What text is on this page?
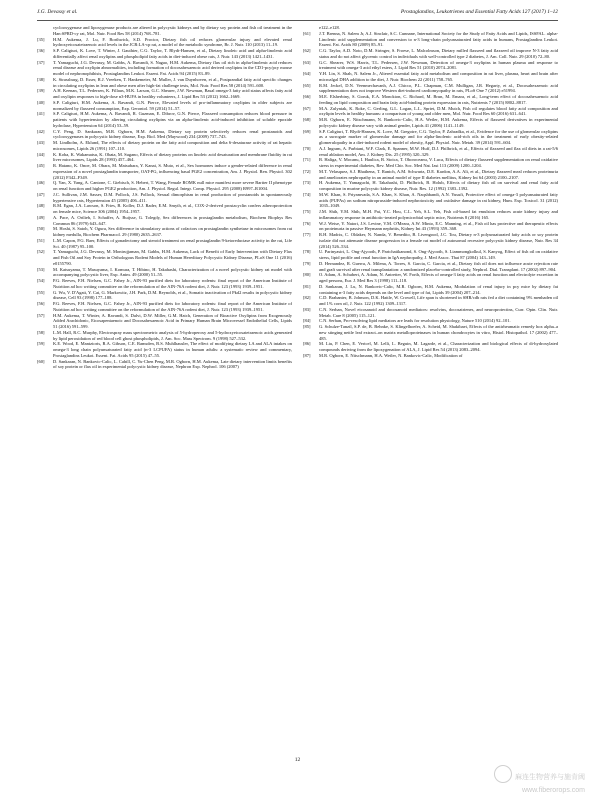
J.G. Devassy et al.	Prostaglandins, Leukotrienes and Essential Fatty Acids 127 (2017) 1–12
cyclooxygenase and lipoxygenase products are altered in polycystic kidneys and by dietary soy protein and fish oil treatment in the Han:SPRD-cy rat, Mol. Nutr. Food Res 58 (2014) 768–781.
[35] H.M. Aukema, J. Lu, F. Borthwick, S.D. Proctor, Dietary fish oil reduces glomerular injury and elevated renal hydroxyeicosatetraenoic acid levels in the JCR:LA-cp rat, a model of the metabolic syndrome, Br. J. Nutr. 110 (2013) 11–19.
[36] S.P. Caligiuri, K. Love, T. Winter, J. Gauthier, C.G. Taylor, T. Blydt-Hansen, et al., Dietary linoleic acid and alpha-linolenic acid differentially affect renal oxylipins and phospholipid fatty acids in diet-induced obese rats, J. Nutr. 143 (2013) 1421–1431.
[37] T. Yamaguchi, J.G. Devassy, M. Gabbs, A. Ravandi, S. Nagao, H.M. Aukema, Dietary flax oil rich in alpha-linolenic acid reduces renal disease and oxylipin abnormalities, including formation of docosahexaenoic acid derived oxylipins in the CD1-pcy/pcy mouse model of nephronophthisis, Prostaglandins Leukot. Essent. Fat. Acids 94 (2015) 83–89.
[38] K. Strassburg, D. Esser, R.J. Vreeken, T. Hankemeier, M. Muller, J. van Duynhoven, et al., Postprandial fatty acid specific changes in circulating oxylipins in lean and obese men after high-fat challenge tests, Mol. Nutr. Food Res 58 (2014) 591–600.
[39] A.H. Keenan, T.L. Pedersen, K. Fillaus, M.K. Larson, G.C. Shearer, J.W. Newman, Basal omega-3 fatty acid status affects fatty acid and oxylipin responses to high-dose n3-HUFA in healthy volunteers, J. Lipid Res 53 (2012) 1662–1669.
[40] S.P. Caligiuri, H.M. Aukema, A. Ravandi, G.N. Pierce, Elevated levels of pro-inflammatory oxylipins in older subjects are normalized by flaxseed consumption, Exp. Gerontol. 59 (2014) 51–57.
[41] S.P. Caligiuri, H.M. Aukema, A. Ravandi, R. Guzman, E. Dibrov, G.N. Pierce, Flaxseed consumption reduces blood pressure in patients with hypertension by altering circulating oxylipins via an alpha-linolenic acid-induced inhibition of soluble epoxide hydrolase, Hypertension 64 (2014) 53–59.
[42] C.Y. Peng, D. Sankaran, M.R. Ogborn, H.M. Aukema, Dietary soy protein selectively reduces renal prostanoids and cyclooxygenases in polycystic kidney disease, Exp. Biol. Med (Maywood) 234 (2009) 737–743.
[43] M. Lindholm, A. Eklund, The effects of dietary protein on the fatty acid composition and delta 6-desaturase activity of rat hepatic microsomes, Lipids 26 (1991) 107–110.
[44] K. Koba, K. Wakamatsu, K. Obata, M. Sugano, Effects of dietary proteins on linoleic acid desaturation and membrane fluidity in rat liver microsomes, Lipids 28 (1993) 457–464.
[45] R. Hatano, K. Onoe, M. Obara, M. Matsubara, Y. Kanai, S. Muto, et al., Sex hormones induce a gender-related difference in renal expression of a novel prostaglandin transporter, OAT-PG, influencing basal PGE2 concentration, Am. J. Physiol. Ren. Physiol. 302 (2012) F342–F349.
[46] Q. Yan, X. Yang, A. Cantone, C. Giebisch, S. Hebert, T. Wang, Female ROMK null mice manifest more severe Bartter II phenotype on renal function and higher PGE2 production, Am. J. Physiol. Regul. Integr. Comp. Physiol. 295 (2008) R997–R1004.
[47] J.C. Sullivan, J.M. Sasser, D.M. Pollock, J.S. Pollock, Sexual dimorphism in renal production of prostanoids in spontaneously hypertensive rats, Hypertension 45 (2005) 406–411.
[48] R.M. Egan, J.A. Lawson, S. Fries, B. Koller, D.J. Rader, E.M. Smyth, et al., COX-2-derived prostacyclin confers atheroprotection on female mice, Science 306 (2004) 1954–1957.
[49] A. Pace, A. Ortlieb, I. Schaffer, A. Buijsse, G. Tolegdy, Sex differences in prostaglandin metabolism, Biochem Biophys Res Commun 86 (1979) 643–647.
[50] M. Hoshi, S. Satoh, Y. Ogura, Sex difference in stimulatory actions of cofactors on prostaglandin synthetase in microsomes from rat kidney medulla, Biochem Pharmacol. 29 (1980) 2635–2637.
[51] L.M. Capon, P.G. Baer, Effects of gonadectomy and steroid treatment on renal prostaglandin 9-ketoreductase activity in the rat, Life Sci. 40 (1987) 95–100.
[52] T. Yamaguchi, J.G. Devassy, M. Monirujjaman, M. Gabbs, H.M. Aukema, Lack of Benefit of Early Intervention with Dietary Flax and Fish Oil and Soy Protein in Orthologous Rodent Models of Human Hereditary Polycystic Kidney Disease, PLoS One 11 (2016) e0155790.
[53] M. Katsuyama, T. Masuyama, I. Komura, T. Hibino, H. Takahashi, Characterization of a novel polycystic kidney rat model with accompanying polycystic liver, Exp. Anim. 49 (2000) 51–55.
[54] P.G. Reeves, F.H. Nielsen, G.C. Fahey Jr., AIN-93 purified diets for laboratory rodents: final report of the American Institute of Nutrition ad hoc writing committee on the reformulation of the AIN-76A rodent diet, J. Nutr. 123 (1993) 1939–1951.
[55] G. Wu, V. D'Agati, Y. Cai, G. Markowitz, J.H. Park, D.M. Reynolds, et al., Somatic inactivation of Pkd2 results in polycystic kidney disease, Cell 93 (1998) 177–188.
[56] P.G. Reeves, F.H. Nielsen, G.C. Fahey Jr., AIN-93 purified diets for laboratory rodents: final report of the American Institute of Nutrition ad hoc writing committee on the reformulation of the AIN-76A rodent diet, J. Nutr. 123 (1993) 1939–1951.
[57] H.M. Aukema, T. Winter, A. Ravandi, S. Dalvi, D.W. Miller, G.M. Hatch, Generation of Bioactive Oxylipins from Exogenously Added Arachidonic, Eicosapentaenoic and Docosahexaenoic Acid in Primary Human Brain Microvessel Endothelial Cells, Lipids 51 (2016) 591–599.
[58] L.M. Hall, R.C. Murphy, Electrospray mass spectrometric analysis of 5-hydroperoxy and 5-hydroxyeicosatetraenoic acids generated by lipid peroxidation of red blood cell ghost phospholipids, J. Am. Soc. Mass Spectrom. 9 (1998) 527–532.
[59] K.E. Wood, E. Mantzioris, R.A. Gibson, C.E. Ramsden, B.S. Muhlhausler, The effect of modifying dietary LA and ALA intakes on omega-3 long chain polyunsaturated fatty acid (n-3 LCPUFA) status in human adults: a systematic review and commentary, Prostaglandins Leukot. Essent. Fat. Acids 95 (2015) 47–55.
[60] D. Sankaran, N. Bankovic-Calic, L. Cahill, C. Yu-Chen Peng, M.R. Ogborn, H.M. Aukema, Late dietary intervention limits benefits of soy protein or flax oil in experimental polycystic kidney disease, Nephron Exp. Nephrol. 106 (2007)
e122–e128.
[61] J.T. Brenna, N. Salem Jr, A.J. Sinclair, S.C. Cunnane, International Society for the Study of Fatty Acids and Lipids, ISSFAL. alpha-Linolenic acid supplementation and conversion to n-3 long-chain polyunsaturated fatty acids in humans, Prostaglandins Leukot. Essent. Fat. Acids 80 (2009) 85–91.
[62] C.G. Taylor, A.D. Noto, D.M. Stringer, S. Froese, L. Malcolmson, Dietary milled flaxseed and flaxseed oil improve N-3 fatty acid status and do not affect glycemic control in individuals with well-controlled type 2 diabetes, J. Am. Coll. Nutr. 29 (2010) 72–80.
[63] G.C. Shearer, W.S. Harris, T.L. Pedersen, J.W. Newman, Detection of omega-3 oxylipins in human plasma and response to treatment with omega-3 acid ethyl esters, J. Lipid Res 51 (2010) 2074–2081.
[64] Y.H. Lin, S. Shah, N. Salem Jr., Altered essential fatty acid metabolism and composition in rat liver, plasma, heart and brain after microalgal DHA addition to the diet, J. Nutr. Biochem 22 (2011) 758–765.
[65] R.M. Jeckel, D.N. Veenmechavanh, A.J. Chicco, P.L. Chapman, C.M. Mulligan, J.R. Hegarty, et al., Docosahexaenoic acid supplementation does not improve Western diet-induced cardiomyopathy in rats, PLoS One 7 (2012) e51994.
[66] M.E. Elsherbiny, S. Goruk, E.A. Monckton, C. Richard, M. Brun, M. Emara, et al., Long-term effect of docosahexaenoic acid feeding on lipid composition and brain fatty acid-binding protein expression in rats, Nutrients 7 (2015) 8802–8817.
[67] M.A. Zulyniak, K. Roke, C. Gerling, G.L. Logan, L.L. Spriet, D.M. Mutch, Fish oil regulates blood fatty acid composition and oxylipin levels in healthy humans: a comparison of young and older men, Mol. Nutr. Food Res 60 (2016) 631–641.
[68] M.R. Ogborn, E. Nitschmann, N. Bankovic-Calic, H.A. Weiler, H.M. Aukema, Effects of flaxseed derivatives in experimental polycystic kidney disease vary with animal gender, Lipids 41 (2006) 1141–1149.
[69] S.P. Caligiuri, T. Blydt-Hansen, K. Love, M. Gregoire, C.G. Taylor, P. Zahradka, et al., Evidence for the use of glomerular oxylipins as a surrogate marker of glomerular damage and for alpha-linolenic acid-rich oils in the treatment of early obesity-related glomerulopathy in a diet-induced rodent model of obesity, Appl. Physiol. Nutr. Metab. 39 (2014) 591–604.
[70] A.J. Ingram, A. Parbtani, W.F. Clark, E. Spanner, M.W. Huff, D.J. Philbrick, et al., Effects of flaxseed and flax oil diets in a rat-5/6 renal ablation model, Am. J. Kidney Dis. 25 (1995) 320–329.
[71] B. Haliga, V. Mocanu, I. Haulica, B. Stoica, T. Oboroceanu, V. Luca, Effects of dietary flaxseed supplementation on renal oxidative stress in experimental diabetes, Rev. Med Chir. Soc. Med Nat. Iasi 113 (2009) 1200–1204.
[72] M.T. Velasquez, S.J. Bhathena, T. Ranich, A.M. Schwartz, D.E. Kardon, A.A. Ali, et al., Dietary flaxseed meal reduces proteinuria and ameliorates nephropathy in an animal model of type II diabetes mellitus, Kidney Int 64 (2003) 2100–2107.
[73] H. Aukema, T. Yamaguchi, H. Takahashi, D. Philbrick, B. Holub, Effects of dietary fish oil on survival and renal fatty acid composition in murine polycystic kidney disease, Nutr. Res. 12 (1992) 1383–1392.
[74] M.W. Khan, S. Priyamvada, S.A. Khan, S. Khan, A. Naqshbandi, A.N. Yusufi, Protective effect of omega-3 polyunsaturated fatty acids (PUFAs) on sodium nitroprusside-induced nephrotoxicity and oxidative damage in rat kidney, Hum. Exp. Toxicol. 31 (2012) 1035–1049.
[75] J.M. Shih, Y.M. Shih, M.H. Pai, Y.C. Hou, C.L. Yeh, S.L. Yeh, Fish oil-based fat emulsion reduces acute kidney injury and inflammatory response in antibiotic-treated polymicrobial septic mice, Nutrients 8 (2016) 165.
[76] W.J. Weise, Y. Natori, J.S. Levine, V.M. O'Meara, A.W. Minto, E.C. Manning, et al., Fish oil has protective and therapeutic effects on proteinuria in passive Heymann nephritis, Kidney Int 43 (1993) 359–368.
[77] R.H. Madrix, C. Oldaker, N. Nanda, V. Benedito, B. Livengood, J.C. Tou, Dietary n-3 polyunsaturated fatty acids or soy protein isolate did not attenuate disease progression in a female rat model of autosomal recessive polycystic kidney disease, Nutr. Res 34 (2014) 526–534.
[78] U. Parinyasiri, L. Ong-Ajyooth, P. Parichatikanond, S. Ong-Ajyooth, S. Liammongkolkul, S. Kanyog, Effect of fish oil on oxidative stress, lipid profile and renal function in IgA nephropathy, J. Med Assoc. Thai 87 (2004) 143–149.
[79] D. Hernandez, R. Guerra, A. Milena, A. Torres, S. Garcia, C. Garcia, et al., Dietary fish oil does not influence acute rejection rate and graft survival after renal transplantation: a randomized placebo-controlled study, Nephrol. Dial. Transplant. 17 (2002) 897–904.
[80] O. Adam, A. Schubert, A. Adam, N. Antretter, W. Forth, Effects of omega-3 fatty acids on renal function and electrolyte excretion in aged persons, Eur. J. Med Res 3 (1998) 111–118.
[81] D. Sankaran, J. Lu, N. Bankovic-Calic, M.R. Ogborn, H.M. Aukema, Modulation of renal injury in pcy mice by dietary fat containing n-3 fatty acids depends on the level and type of fat, Lipids 39 (2004) 207–214.
[82] C.D. Brabanter, B. Johnson, D.K. Hattle, W. Crowell, Life span is shortened in SHR/cdb rats fed a diet containing 9% menhaden oil and 1% corn oil, J. Nutr. 122 (1992) 1309–1317.
[83] C.N. Serhan, Novel eicosanoid and docosanoid mediators: resolvins, docosatrienes, and neuroprotectins, Curr. Opin. Clin. Nutr. Metab. Care 8 (2005) 115–121.
[84] C.N. Serhan, Pro-resolving lipid mediators are leads for resolution physiology, Nature 510 (2014) 92–101.
[85] G. Schulze-Tanzil, S.P. de, B. Behnke, S. Klingelhoefer, A. Scheid, M. Shakibaei, Effects of the antirheumatic remedy hox alpha–a new stinging nettle leaf extract–on matrix metalloproteinases in human chondrocytes in vitro, Histol. Histopathol. 17 (2002) 477–485.
[86] M. Liu, P. Chen, E. Vericel, M. Lelli, L. Beguin, M. Lagarde, et al., Characterization and biological effects of di-hydroxylated compounds deriving from the lipoxygenation of ALA, J. Lipid Res 54 (2013) 2083–2094.
[87] M.R. Ogborn, E. Nitschmann, H.A. Weiler, N. Bankovic-Calic, Modification of
12
麻连生物营养与施肯阈
www.fiberorops.com
